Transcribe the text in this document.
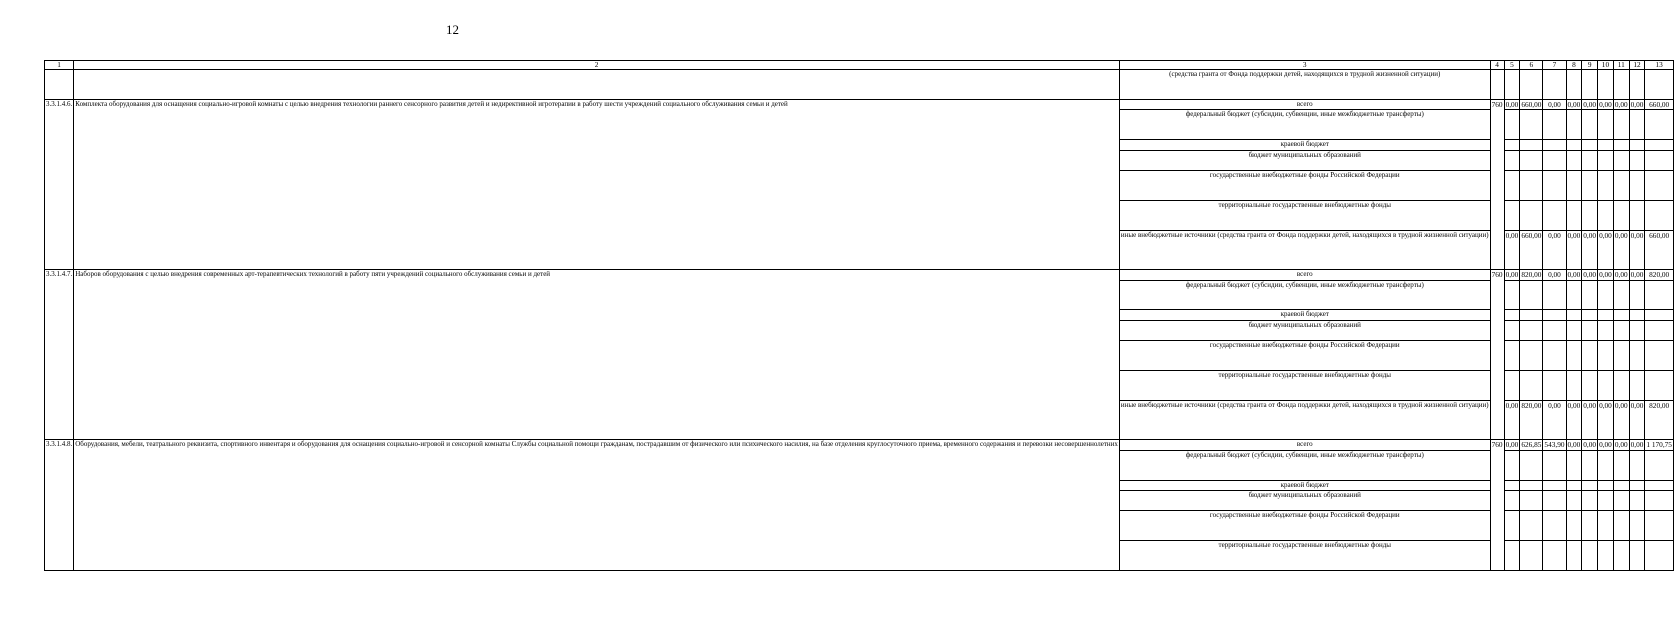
12
1	2	3	4	5	6	7	8	9	10	11	12	13
		(средства гранта от Фонда поддержки детей, находящихся в трудной жизненной ситуации)										
3.3.1.4.6.	Комплекта оборудования для оснащения социально-игровой комнаты с целью внедрения технологии раннего сенсорного развития детей и недирективной игротерапии в работу шести учреждений социального обслуживания семьи и детей	всего	760	0,00	660,00	0,00	0,00	0,00	0,00	0,00	0,00	660,00
		федеральный бюджет (субсидии, субвенции, иные межбюджетные трансферты)										
		краевой бюджет										
		бюджет муниципальных образований										
		государственные внебюджетные фонды Российской Федерации										
		территориальные государственные внебюджетные фонды										
		иные внебюджетные источники (средства гранта от Фонда поддержки детей, находящихся в трудной жизненной ситуации)		0,00	660,00	0,00	0,00	0,00	0,00	0,00	0,00	660,00
3.3.1.4.7.	Наборов оборудования с целью внедрения современных арт-терапевтических технологий в работу пяти учреждений социального обслуживания семьи и детей	всего	760	0,00	820,00	0,00	0,00	0,00	0,00	0,00	0,00	820,00
		федеральный бюджет (субсидии, субвенции, иные межбюджетные трансферты)										
		краевой бюджет										
		бюджет муниципальных образований										
		государственные внебюджетные фонды Российской Федерации										
		территориальные государственные внебюджетные фонды										
		иные внебюджетные источники (средства гранта от Фонда поддержки детей, находящихся в трудной жизненной ситуации)		0,00	820,00	0,00	0,00	0,00	0,00	0,00	0,00	820,00
3.3.1.4.8.	Оборудования, мебели, театрального реквизита, спортивного инвентаря и оборудования для оснащения социально-игровой и сенсорной комнаты Службы социальной помощи гражданам, пострадавшим от физического или психического насилия, на базе отделения круглосуточного приема, временного содержания и перевозки несовершеннолетних	всего	760	0,00	626,85	543,90	0,00	0,00	0,00	0,00	0,00	1 170,75
		федеральный бюджет (субсидии, субвенции, иные межбюджетные трансферты)										
		краевой бюджет										
		бюджет муниципальных образований										
		государственные внебюджетные фонды Российской Федерации										
		территориальные государственные внебюджетные фонды										
